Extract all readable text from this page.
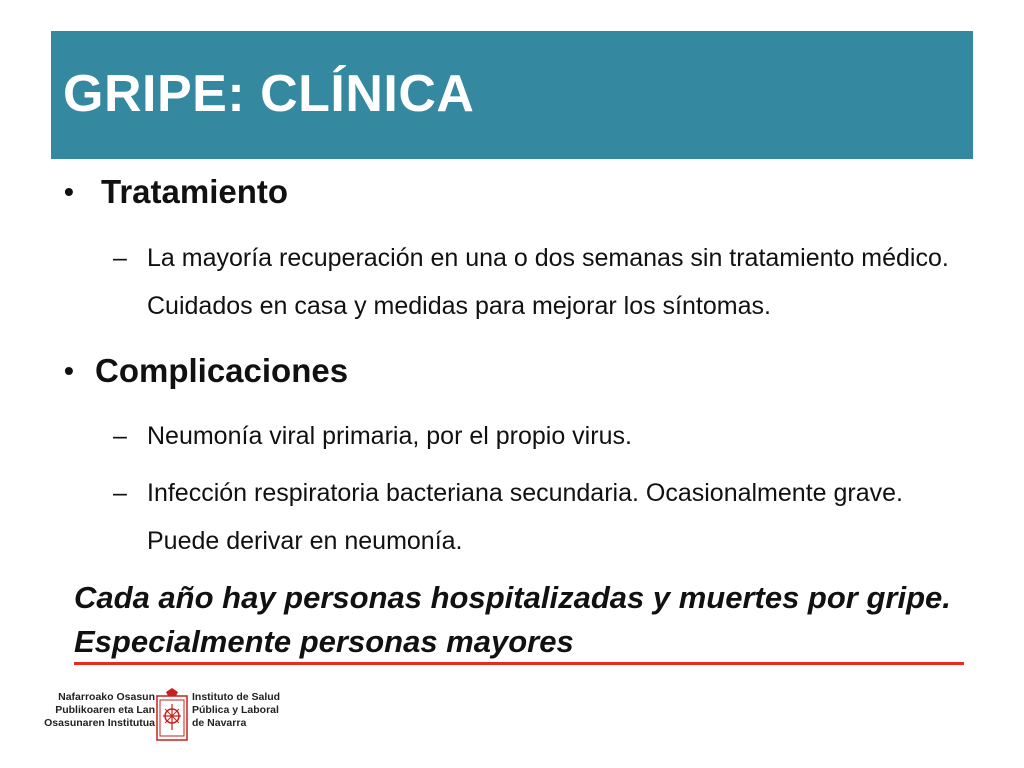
GRIPE: CLÍNICA
• Tratamiento
‒ La mayoría recuperación en una o dos semanas sin tratamiento médico. Cuidados en casa y medidas para mejorar los síntomas.
• Complicaciones
– Neumonía viral primaria, por el propio virus.
– Infección respiratoria bacteriana secundaria. Ocasionalmente grave. Puede derivar en neumonía.

Cada año hay personas hospitalizadas y muertes por gripe. Especialmente personas mayores

Nafarroako Osasun
Publikoaren eta Lan
Osasunaren Institutua
Instituto de Salud
Pública y Laboral
de Navarra
